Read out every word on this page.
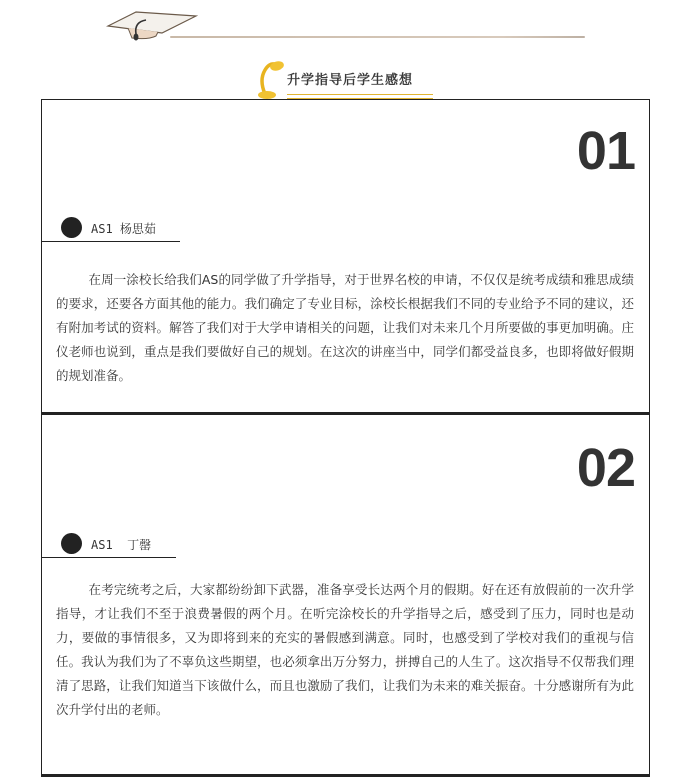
升学指导后学生感想
01
AS1 杨思茹

在周一涂校长给我们AS的同学做了升学指导，对于世界名校的申请，不仅仅是统考成绩和雅思成绩的要求，还要各方面其他的能力。我们确定了专业目标，涂校长根据我们不同的专业给予不同的建议，还有附加考试的资料。解答了我们对于大学申请相关的问题，让我们对未来几个月所要做的事更加明确。庄仪老师也说到，重点是我们要做好自己的规划。在这次的讲座当中，同学们都受益良多，也即将做好假期的规划准备。

02
AS1  丁罄

在考完统考之后，大家都纷纷卸下武器，准备享受长达两个月的假期。好在还有放假前的一次升学指导，才让我们不至于浪费暑假的两个月。在听完涂校长的升学指导之后，感受到了压力，同时也是动力，要做的事情很多，又为即将到来的充实的暑假感到满意。同时，也感受到了学校对我们的重视与信任。我认为我们为了不辜负这些期望，也必须拿出万分努力，拼搏自己的人生了。这次指导不仅帮我们理清了思路，让我们知道当下该做什么，而且也激励了我们，让我们为未来的难关振奋。十分感谢所有为此次升学付出的老师。
